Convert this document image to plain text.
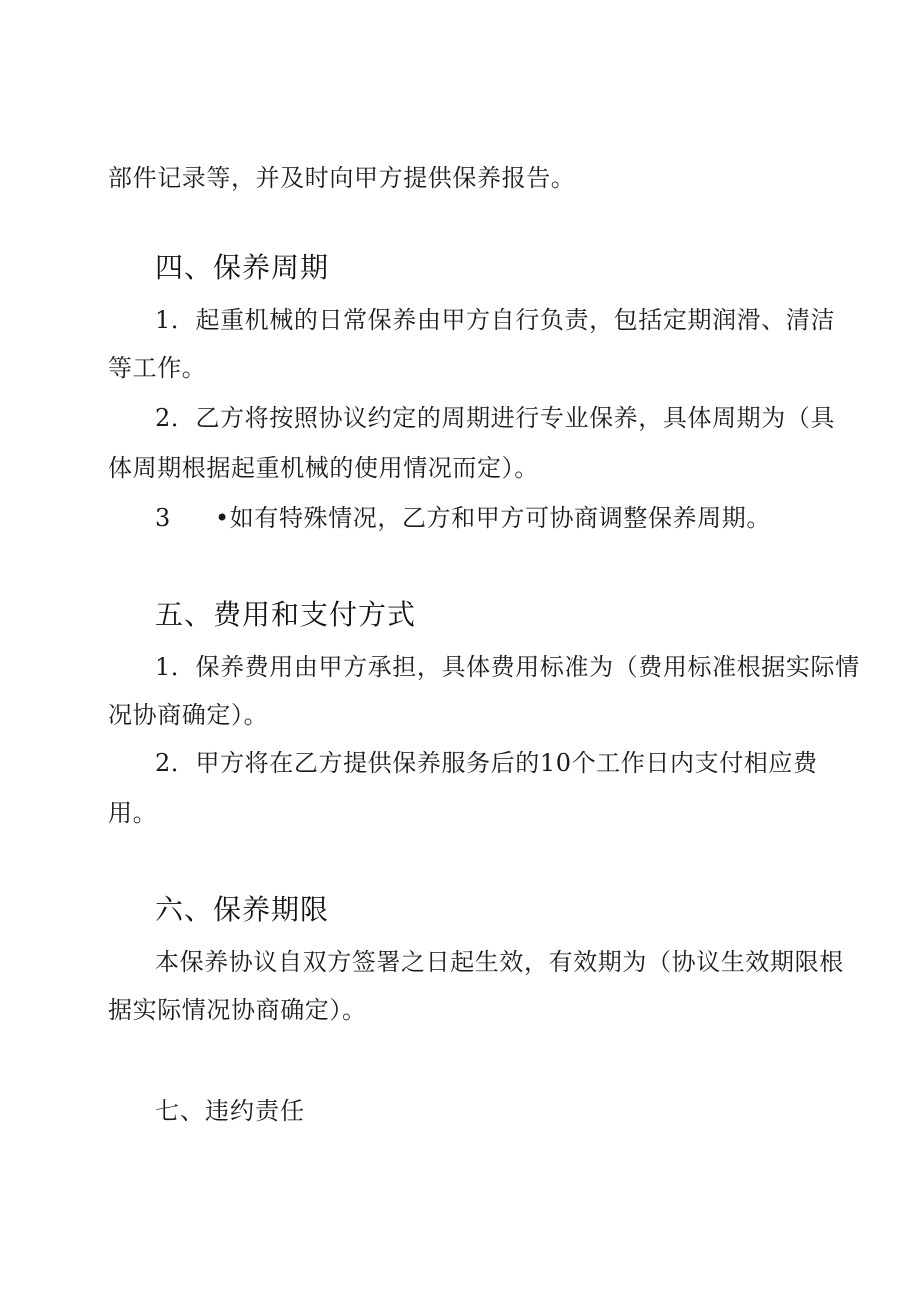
部件记录等，并及时向甲方提供保养报告。
四、保养周期
1．起重机械的日常保养由甲方自行负责，包括定期润滑、清洁
等工作。
2．乙方将按照协议约定的周期进行专业保养，具体周期为（具
体周期根据起重机械的使用情况而定）。
3 •如有特殊情况，乙方和甲方可协商调整保养周期。
五、费用和支付方式
1．保养费用由甲方承担，具体费用标准为（费用标准根据实际情
况协商确定）。
2．甲方将在乙方提供保养服务后的10个工作日内支付相应费
用。
六、保养期限
本保养协议自双方签署之日起生效，有效期为（协议生效期限根
据实际情况协商确定）。
七、违约责任
